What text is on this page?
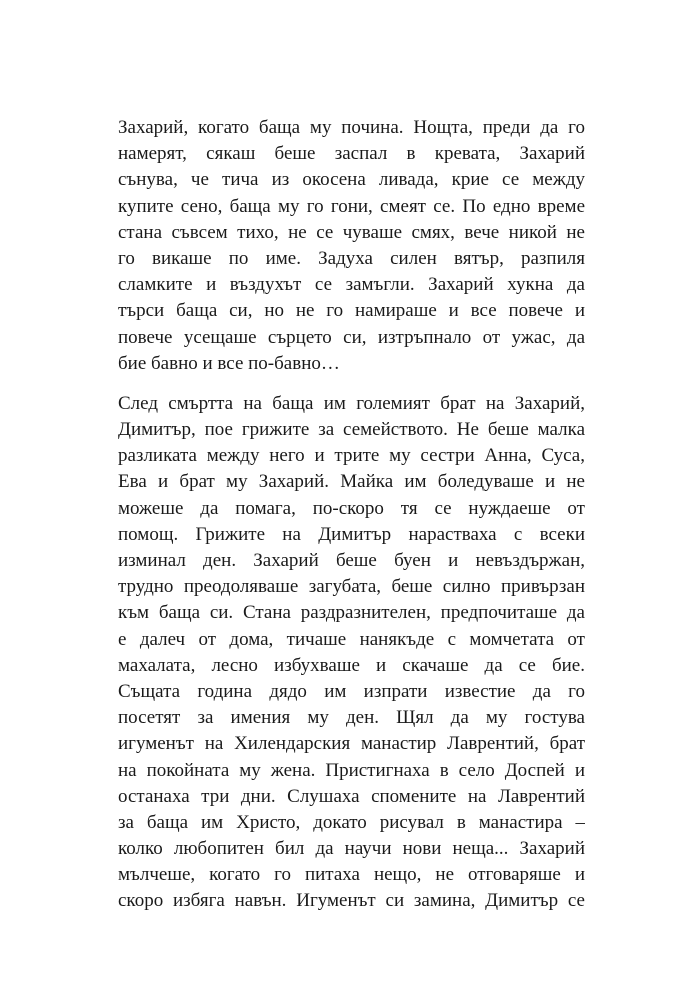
Захарий, когато баща му почина. Нощта, преди да го
намерят, сякаш беше заспал в кревата, Захарий
сънува, че тича из окосена ливада, крие се между
купите сено, баща му го гони, смеят се. По едно време
стана съвсем тихо, не се чуваше смях, вече никой не
го викаше по име. Задуха силен вятър, разпиля
сламките и въздухът се замъгли. Захарий хукна да
търси баща си, но не го намираше и все повече и
повече усещаше сърцето си, изтръпнало от ужас, да
бие бавно и все по-бавно…
След смъртта на баща им големият брат на Захарий,
Димитър, пое грижите за семейството. Не беше малка
разликата между него и трите му сестри Анна, Суса,
Ева и брат му Захарий. Майка им боледуваше и не
можеше да помага, по-скоро тя се нуждаеше от
помощ. Грижите на Димитър нарастваха с всеки
изминал ден. Захарий беше буен и невъздържан,
трудно преодоляваше загубата, беше силно привързан
към баща си. Стана раздразнителен, предпочиташе да
е далеч от дома, тичаше нанякъде с момчетата от
махалата, лесно избухваше и скачаше да се бие.
Същата година дядо им изпрати известие да го
посетят за имения му ден. Щял да му гостува
игуменът на Хилендарския манастир Лаврентий, брат
на покойната му жена. Пристигнаха в село Доспей и
останаха три дни. Слушаха спомените на Лаврентий
за баща им Христо, докато рисувал в манастира –
колко любопитен бил да научи нови неща... Захарий
мълчеше, когато го питаха нещо, не отговаряше и
скоро избяга навън. Игуменът си замина, Димитър се
